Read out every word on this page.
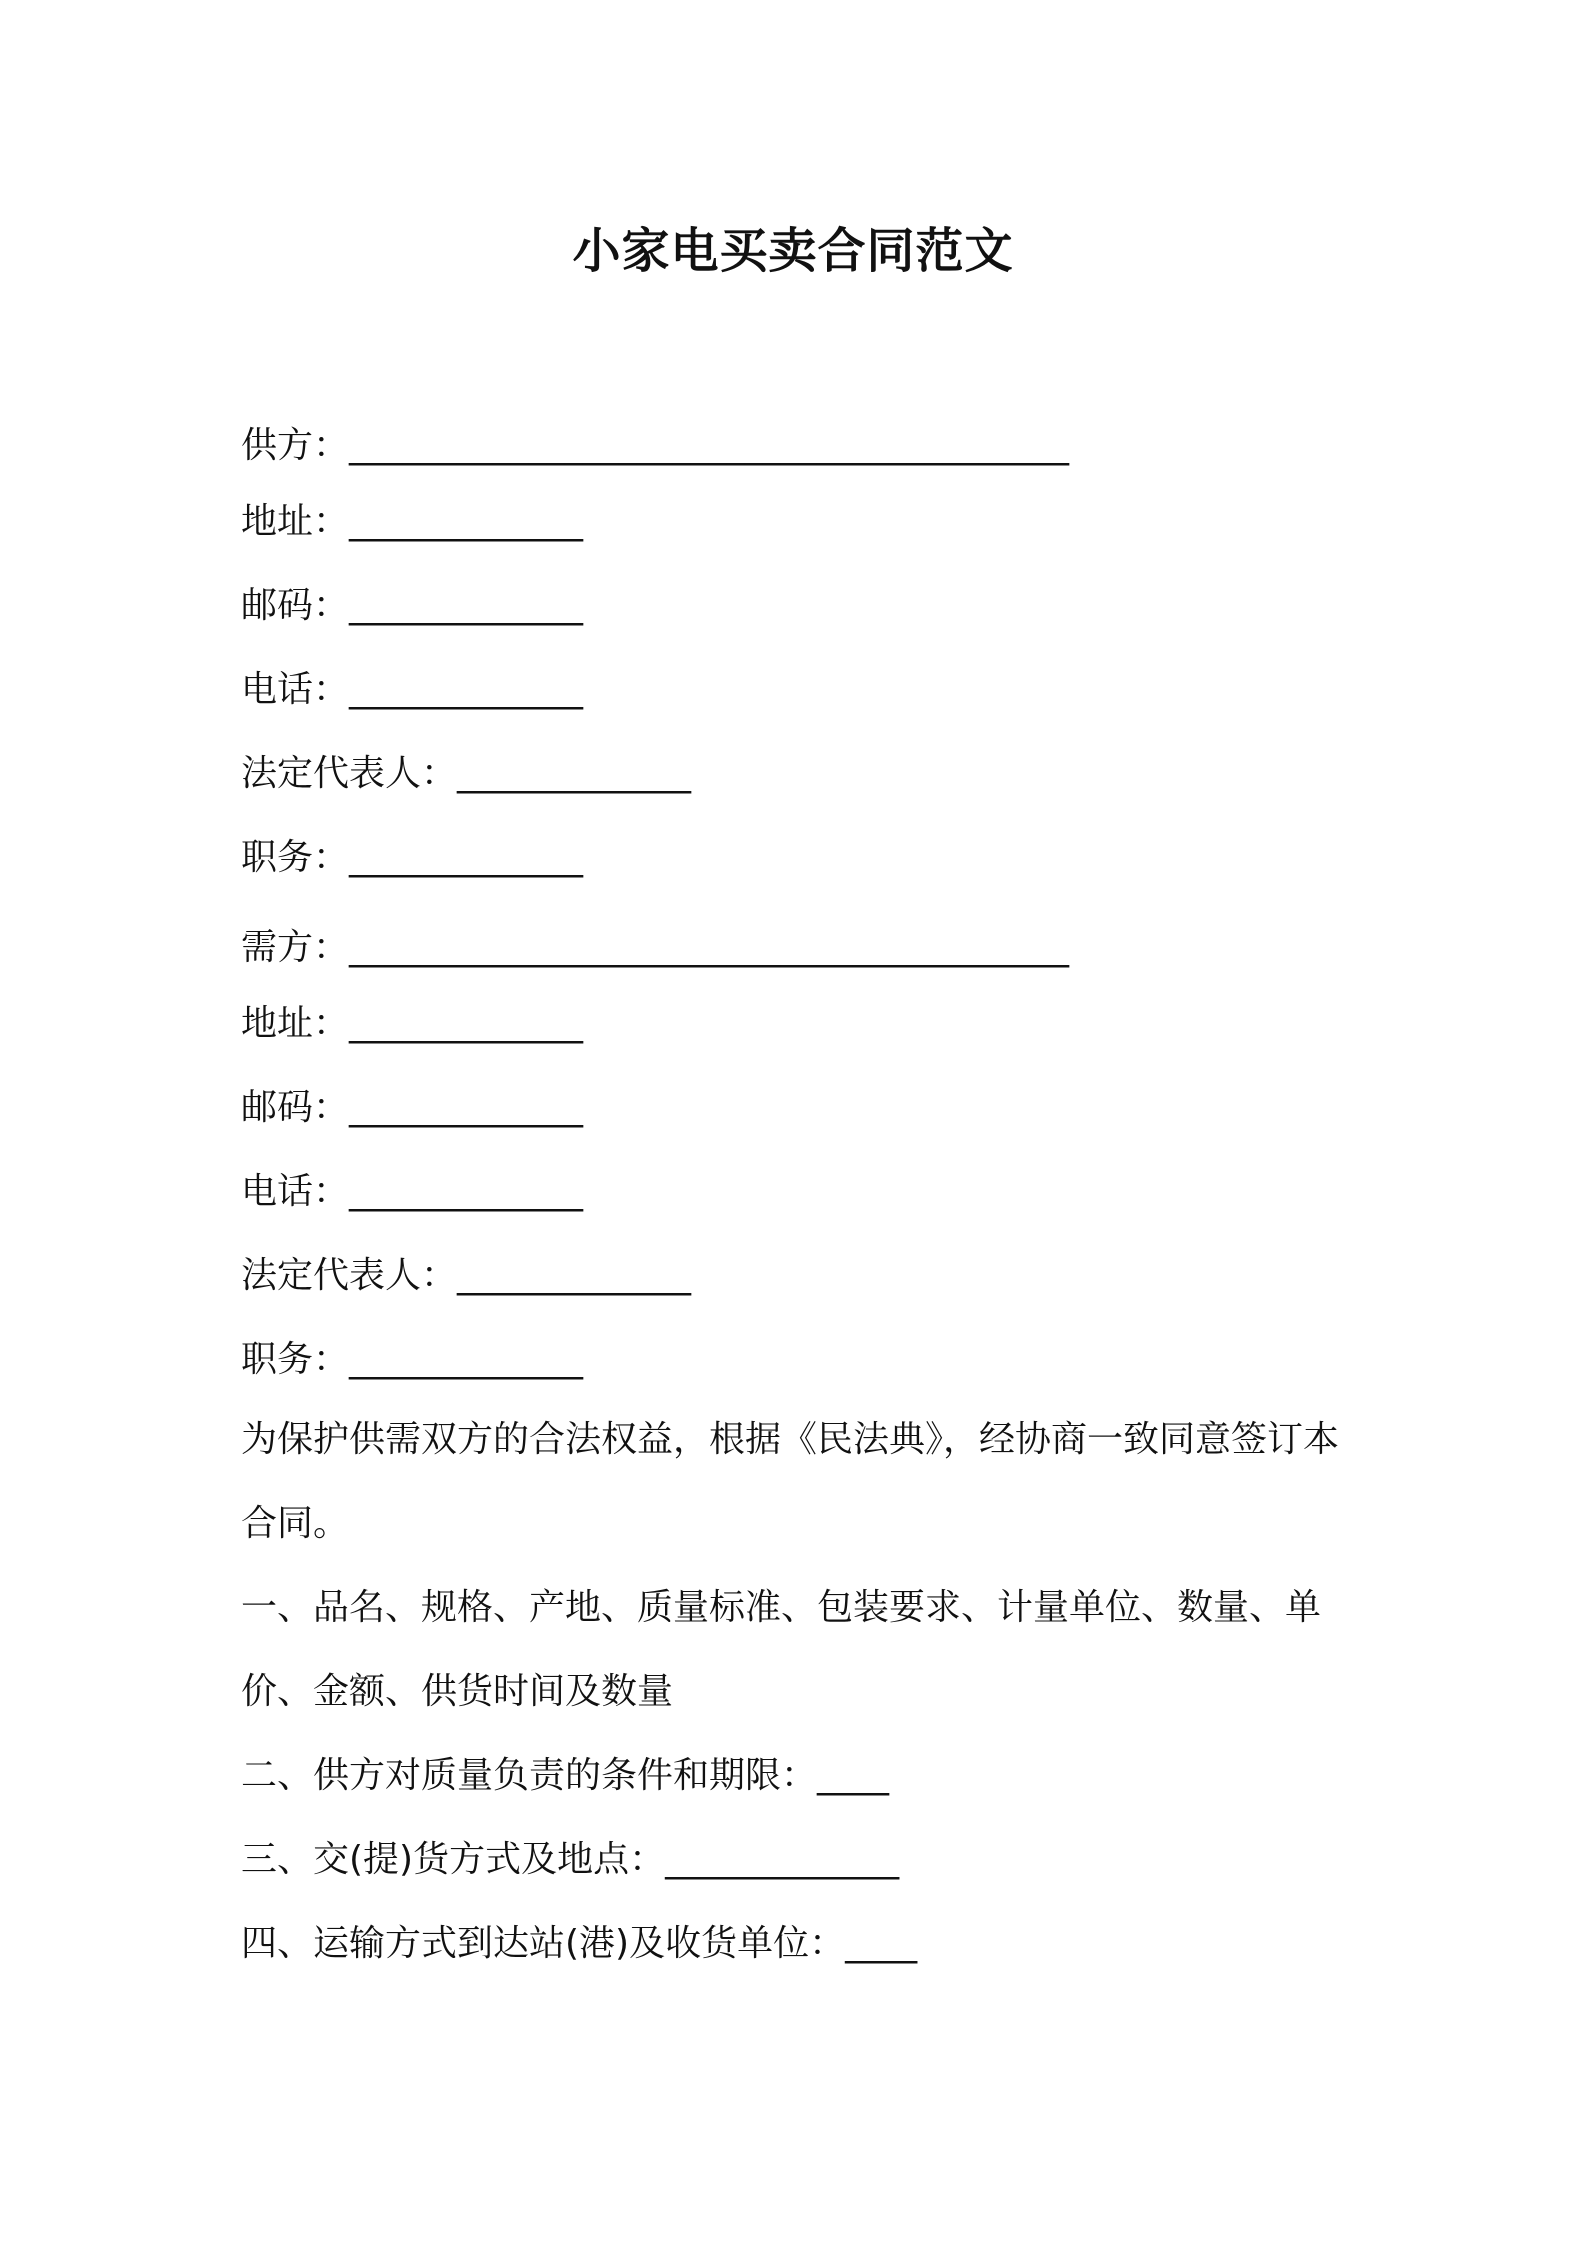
小家电买卖合同范文
供方：________________________________________
地址：_____________
邮码：_____________
电话：_____________
法定代表人：_____________
职务：_____________
需方：________________________________________
地址：_____________
邮码：_____________
电话：_____________
法定代表人：_____________
职务：_____________
为保护供需双方的合法权益，根据《民法典》，经协商一致同意签订本合同。
一、品名、规格、产地、质量标准、包装要求、计量单位、数量、单价、金额、供货时间及数量
二、供方对质量负责的条件和期限：____
三、交(提)货方式及地点：_____________
四、运输方式到达站(港)及收货单位：____
